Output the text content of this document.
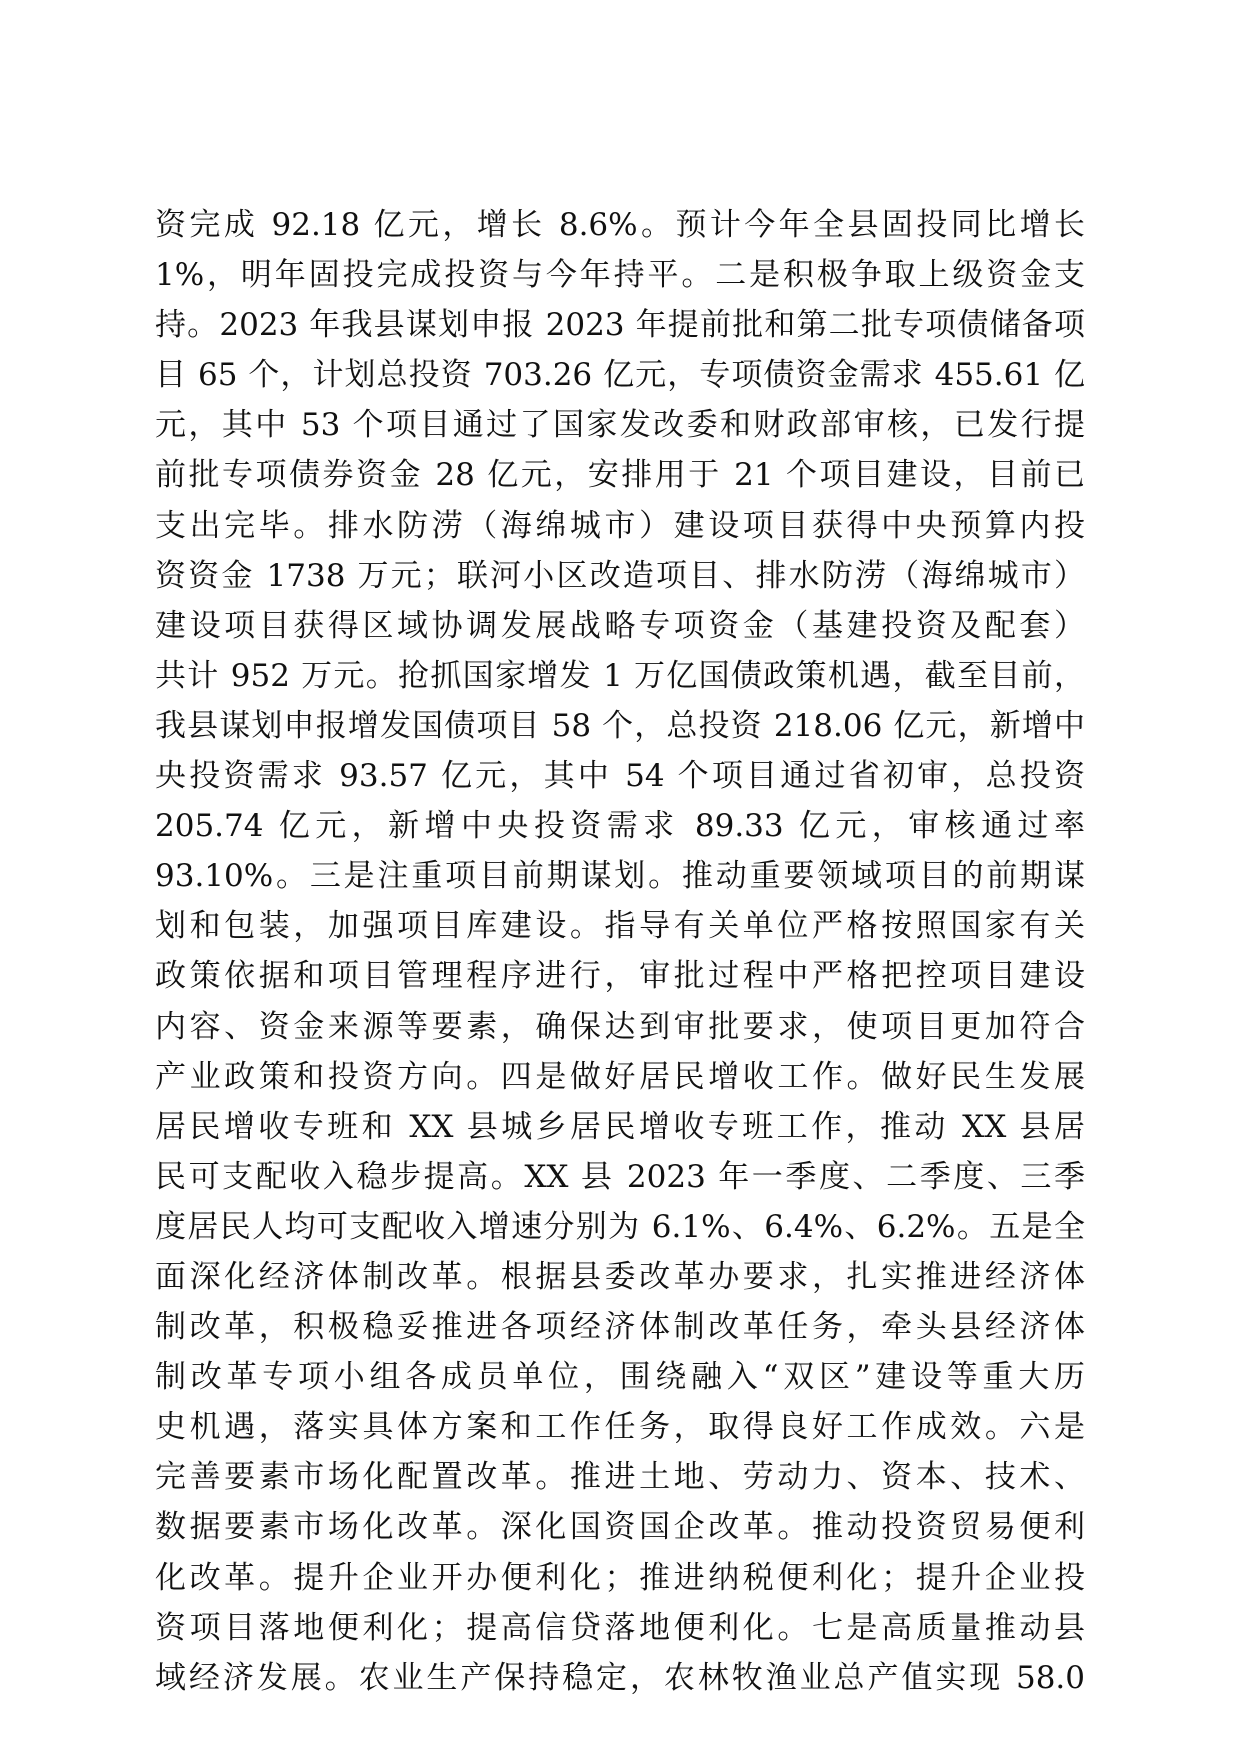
资完成 92.18 亿元，增长 8.6%。预计今年全县固投同比增长
1%，明年固投完成投资与今年持平。二是积极争取上级资金支
持。2023 年我县谋划申报 2023 年提前批和第二批专项债储备项
目 65 个，计划总投资 703.26 亿元，专项债资金需求 455.61 亿
元，其中 53 个项目通过了国家发改委和财政部审核，已发行提
前批专项债券资金 28 亿元，安排用于 21 个项目建设，目前已
支出完毕。排水防涝（海绵城市）建设项目获得中央预算内投
资资金 1738 万元；联河小区改造项目、排水防涝（海绵城市）
建设项目获得区域协调发展战略专项资金（基建投资及配套）
共计 952 万元。抢抓国家增发 1 万亿国债政策机遇，截至目前，
我县谋划申报增发国债项目 58 个，总投资 218.06 亿元，新增中
央投资需求 93.57 亿元，其中 54 个项目通过省初审，总投资
205.74 亿元，新增中央投资需求 89.33 亿元，审核通过率
93.10%。三是注重项目前期谋划。推动重要领域项目的前期谋
划和包装，加强项目库建设。指导有关单位严格按照国家有关
政策依据和项目管理程序进行，审批过程中严格把控项目建设
内容、资金来源等要素，确保达到审批要求，使项目更加符合
产业政策和投资方向。四是做好居民增收工作。做好民生发展
居民增收专班和 XX 县城乡居民增收专班工作，推动 XX 县居
民可支配收入稳步提高。XX 县 2023 年一季度、二季度、三季
度居民人均可支配收入增速分别为 6.1%、6.4%、6.2%。五是全
面深化经济体制改革。根据县委改革办要求，扎实推进经济体
制改革，积极稳妥推进各项经济体制改革任务，牵头县经济体
制改革专项小组各成员单位，围绕融入“双区”建设等重大历
史机遇，落实具体方案和工作任务，取得良好工作成效。六是
完善要素市场化配置改革。推进土地、劳动力、资本、技术、
数据要素市场化改革。深化国资国企改革。推动投资贸易便利
化改革。提升企业开办便利化；推进纳税便利化；提升企业投
资项目落地便利化；提高信贷落地便利化。七是高质量推动县
域经济发展。农业生产保持稳定，农林牧渔业总产值实现 58.0
